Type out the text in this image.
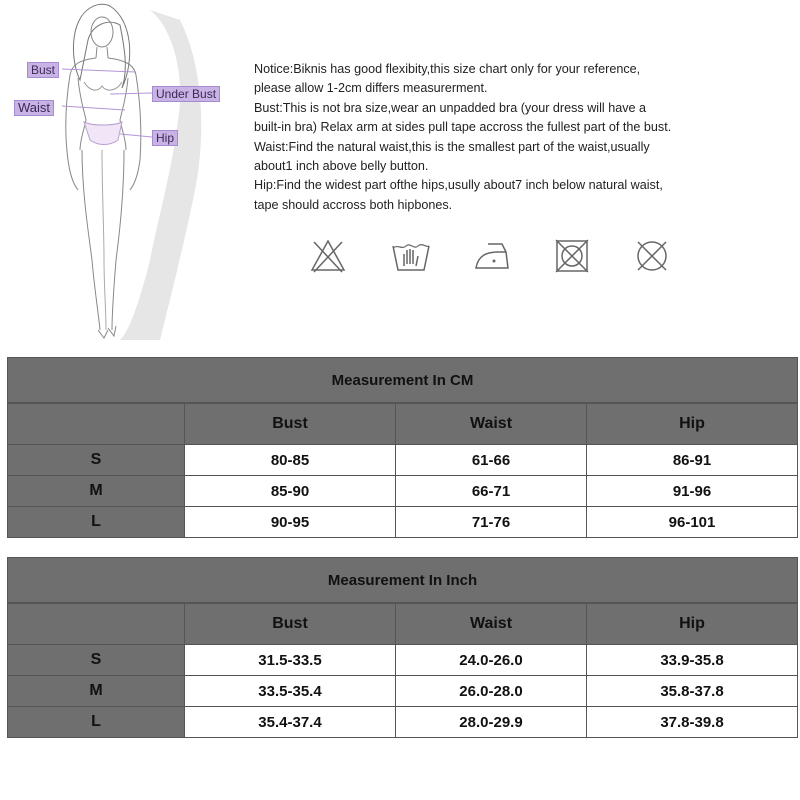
Bust
Waist
Under Bust
Hip
Notice:Biknis has good flexibity,this size chart only for your reference,
please allow 1-2cm differs measurerment.
Bust:This is not bra size,wear an unpadded bra (your dress will have a
built-in bra) Relax arm at sides pull tape accross the fullest part of the bust.
Waist:Find the natural waist,this is the smallest part of the waist,usually
about1 inch above belly button.
Hip:Find the widest part ofthe hips,usully about7 inch below natural waist,
tape should accross both hipbones.
Measurement In CM			
	Bust	Waist	Hip
S	80-85	61-66	86-91
M	85-90	66-71	91-96
L	90-95	71-76	96-101
Measurement In Inch			
	Bust	Waist	Hip
S	31.5-33.5	24.0-26.0	33.9-35.8
M	33.5-35.4	26.0-28.0	35.8-37.8
L	35.4-37.4	28.0-29.9	37.8-39.8
